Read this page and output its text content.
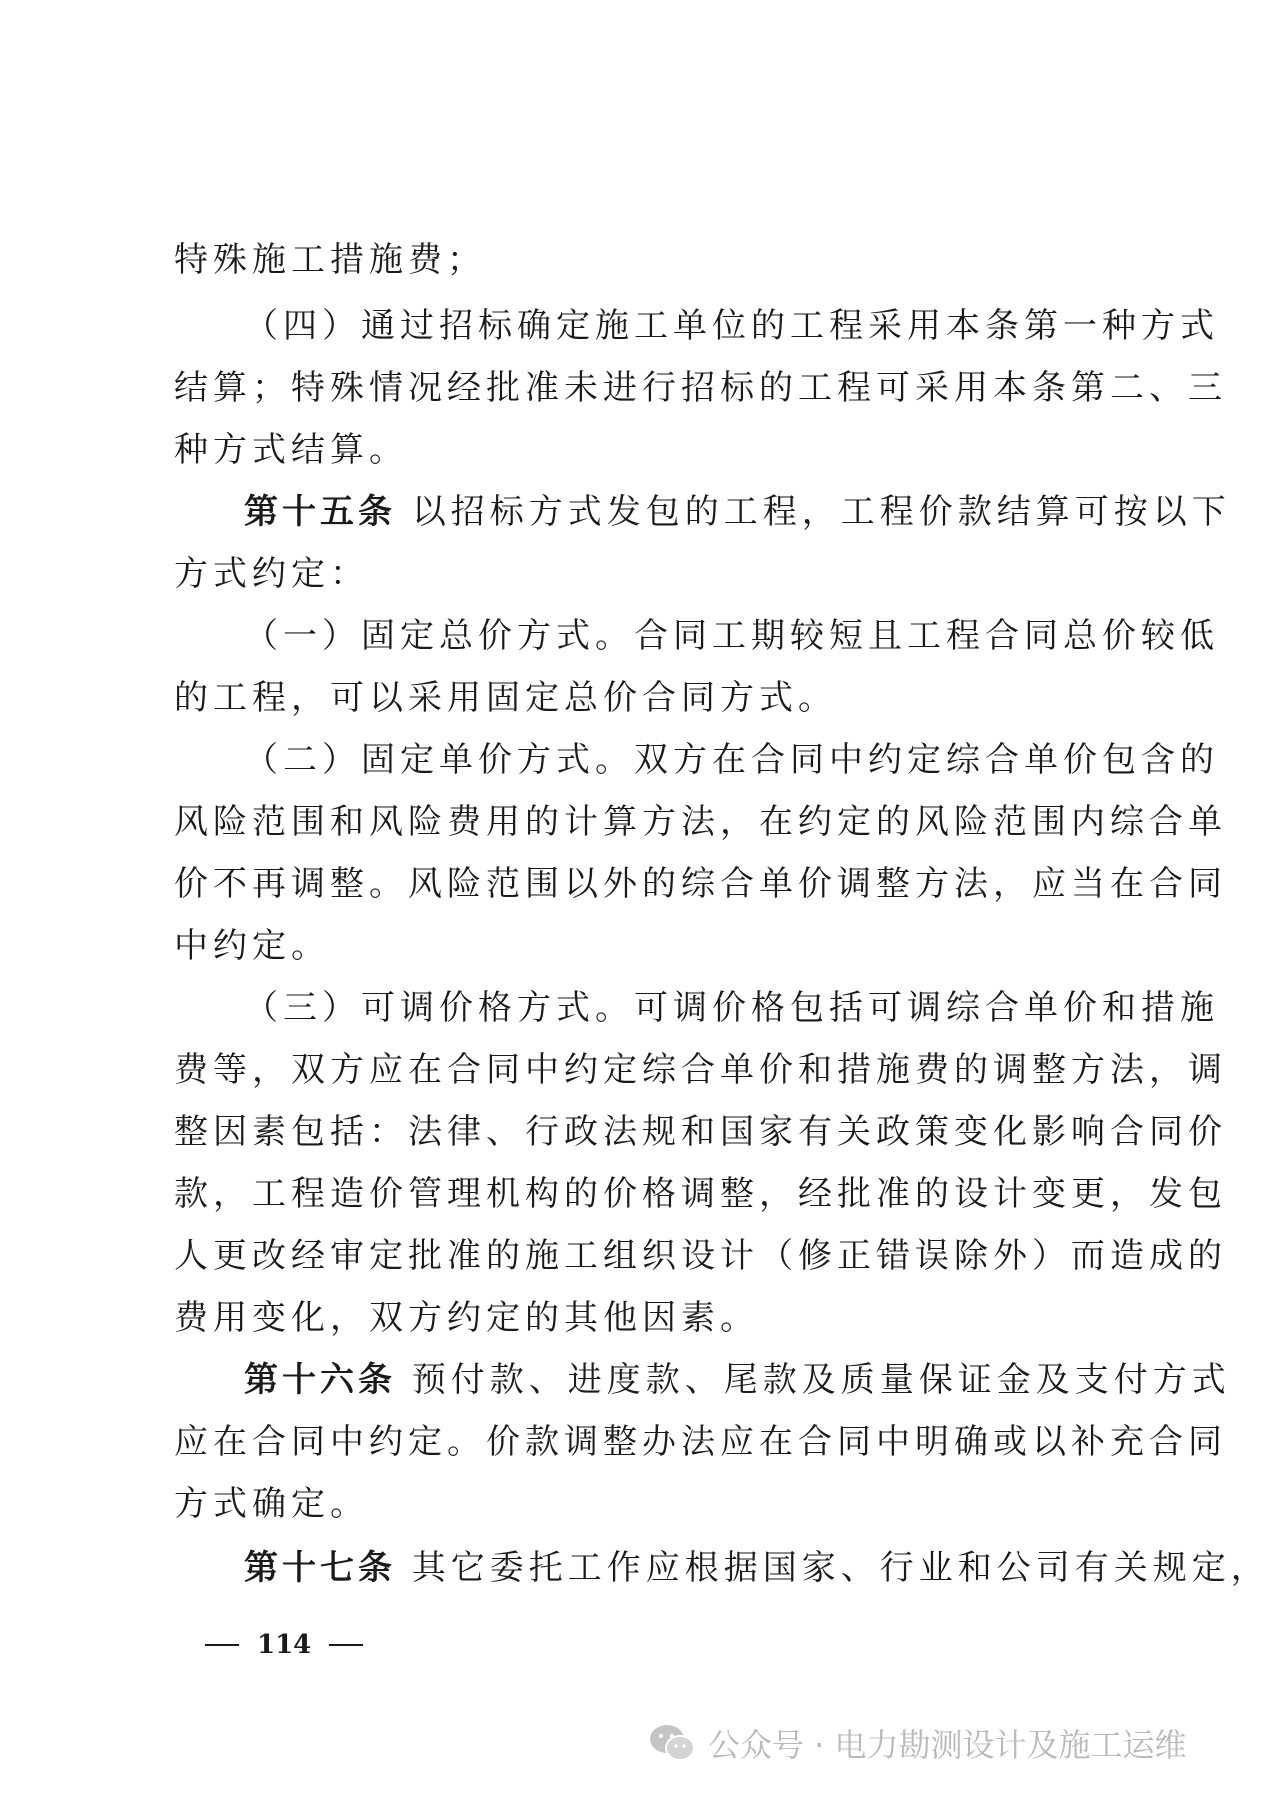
特殊施工措施费；
（四）通过招标确定施工单位的工程采用本条第一种方式
结算；特殊情况经批准未进行招标的工程可采用本条第二、三
种方式结算。
第十五条 以招标方式发包的工程，工程价款结算可按以下
方式约定：
（一）固定总价方式。合同工期较短且工程合同总价较低
的工程，可以采用固定总价合同方式。
（二）固定单价方式。双方在合同中约定综合单价包含的
风险范围和风险费用的计算方法，在约定的风险范围内综合单
价不再调整。风险范围以外的综合单价调整方法，应当在合同
中约定。
（三）可调价格方式。可调价格包括可调综合单价和措施
费等，双方应在合同中约定综合单价和措施费的调整方法，调
整因素包括：法律、行政法规和国家有关政策变化影响合同价
款，工程造价管理机构的价格调整，经批准的设计变更，发包
人更改经审定批准的施工组织设计（修正错误除外）而造成的
费用变化，双方约定的其他因素。
第十六条 预付款、进度款、尾款及质量保证金及支付方式
应在合同中约定。价款调整办法应在合同中明确或以补充合同
方式确定。
第十七条 其它委托工作应根据国家、行业和公司有关规定，
114
公众号 · 电力勘测设计及施工运维
